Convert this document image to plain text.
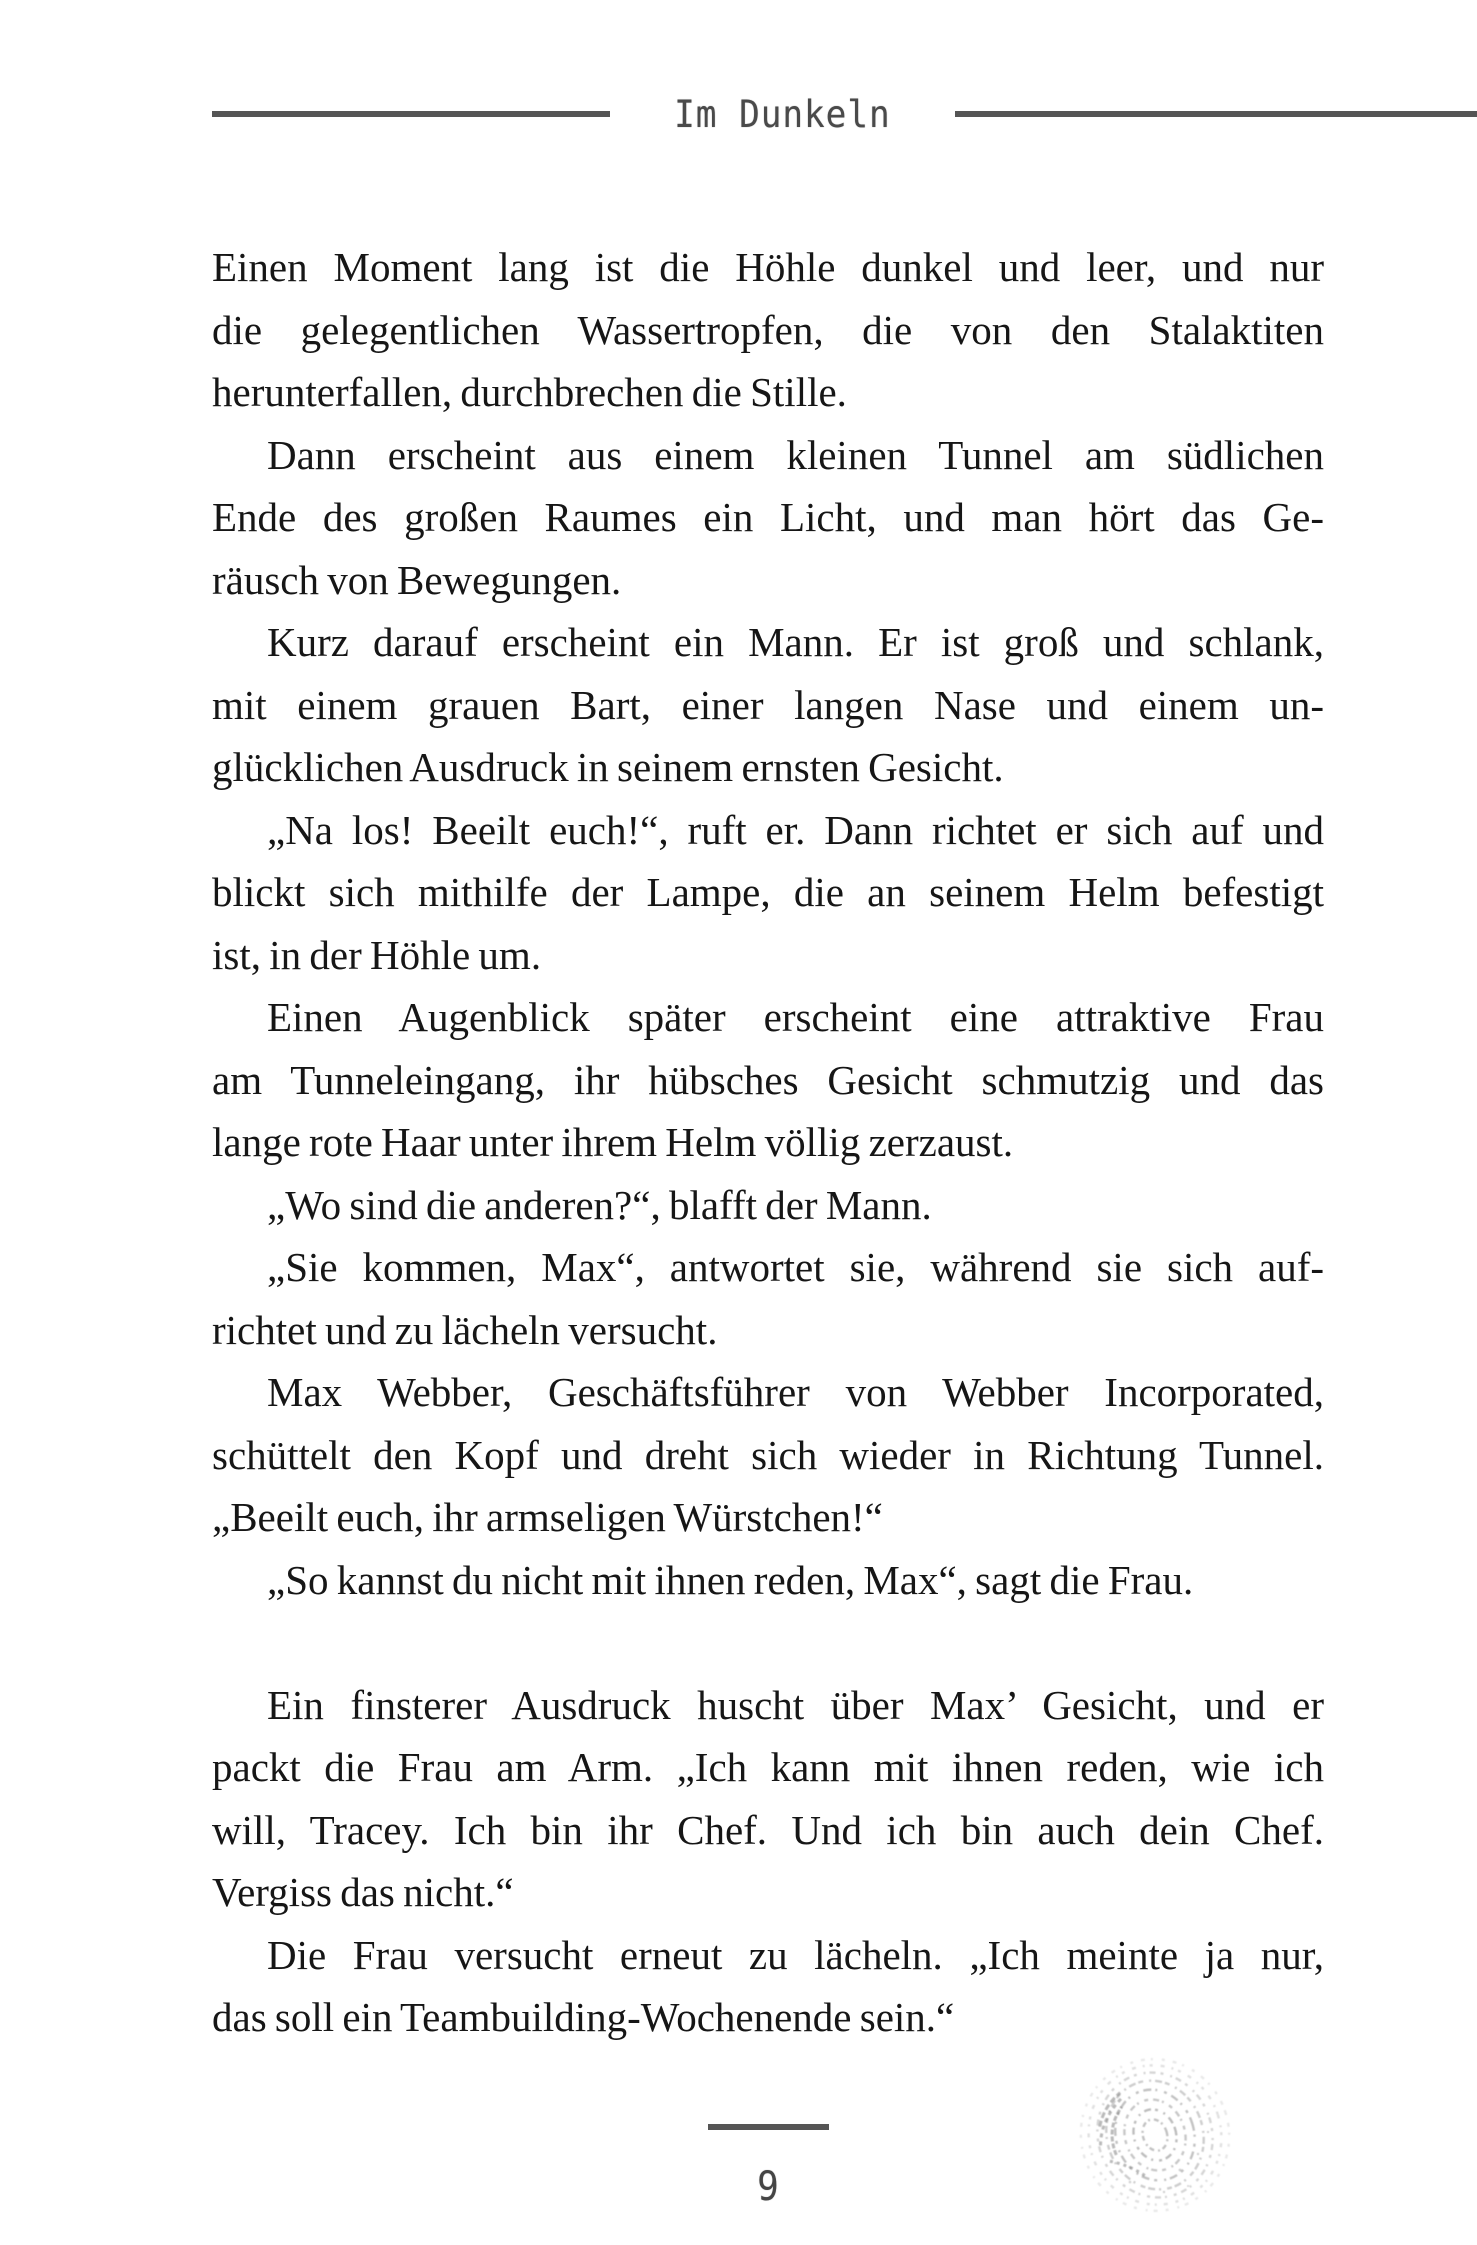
Im Dunkeln
Einen Moment lang ist die Höhle dunkel und leer, und nur
die gelegentlichen Wassertropfen, die von den Stalaktiten
herunterfallen, durchbrechen die Stille.
Dann erscheint aus einem kleinen Tunnel am südlichen
Ende des großen Raumes ein Licht, und man hört das Ge-
räusch von Bewegungen.
Kurz darauf erscheint ein Mann. Er ist groß und schlank,
mit einem grauen Bart, einer langen Nase und einem un-
glücklichen Ausdruck in seinem ernsten Gesicht.
„Na los! Beeilt euch!“, ruft er. Dann richtet er sich auf und
blickt sich mithilfe der Lampe, die an seinem Helm befestigt
ist, in der Höhle um.
Einen Augenblick später erscheint eine attraktive Frau
am Tunneleingang, ihr hübsches Gesicht schmutzig und das
lange rote Haar unter ihrem Helm völlig zerzaust.
„Wo sind die anderen?“, blafft der Mann.
„Sie kommen, Max“, antwortet sie, während sie sich auf-
richtet und zu lächeln versucht.
Max Webber, Geschäftsführer von Webber Incorporated,
schüttelt den Kopf und dreht sich wieder in Richtung Tunnel.
„Beeilt euch, ihr armseligen Würstchen!“
„So kannst du nicht mit ihnen reden, Max“, sagt die Frau.
Ein finsterer Ausdruck huscht über Max’ Gesicht, und er
packt die Frau am Arm. „Ich kann mit ihnen reden, wie ich
will, Tracey. Ich bin ihr Chef. Und ich bin auch dein Chef.
Vergiss das nicht.“
Die Frau versucht erneut zu lächeln. „Ich meinte ja nur,
das soll ein Teambuilding-Wochenende sein.“
9
